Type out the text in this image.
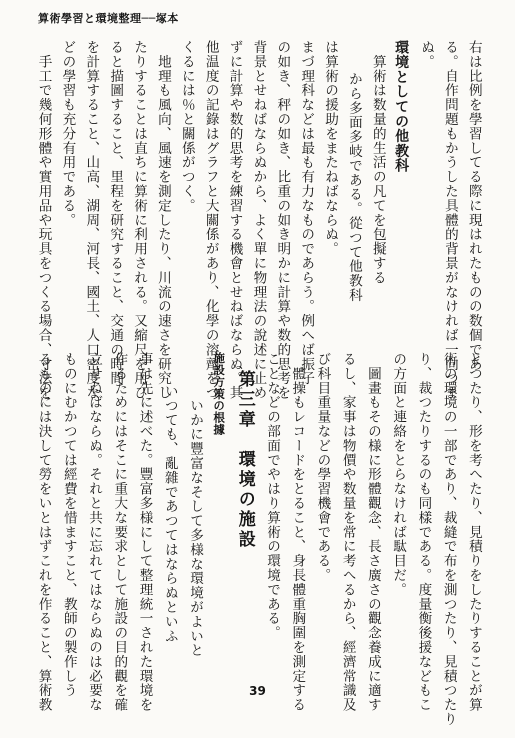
算術學習と環境整理──塚本
右は比例を學習してる際に現はれたものの数個であ
る。自作問題もかうした具體的背景がなければ一向つま
ぬ。
環境としての他教科
　算術は数量的生活の凡てを包擬する
から多面多岐である。從つて他教科
は算術の援助をまたねばならぬ。
まづ理科などは最も有力なものであらう。例へば振子
の如き、秤の如き、比重の如き明かに計算や数的思考を
背景とせねばならぬから、よく單に物理法の說述に止め
ずに計算や数的思考を練習する機會とせねばならぬ。其
他温度の記錄はグラフと大關係があり、化學の溶劑をつ
くるには％と關係がつく。
　地理も風向、風速を測定したり、川流の速さを研究し
たりすることは直ちに算術に利用される。又縮尺を用ひ
ると描圖すること、里程を研究すること、交通の時間
を計算すること、山高、湖周、河長、國土、人口密度な
どの學習も充分有用である。
　手工で幾何形體や實用品や玩具をつくる場合、寸法を
とつたり、形を考へたり、見積りをしたりすることが算
術の環境の一部であり、裁縫で布を測つたり、見積つたり
り、裁つたりするのも同樣である。度量衡後援などもこ
の方面と連絡をとらなければ駄目だ。
　圖畫もその様に形體觀念、長さ廣さの觀念養成に適す
るし、家事は物價や数量を常に考へるから、經濟常識及
び科目重量などの學習機會である。
　體操もレコードをとること、身長體重胸圍を測定する
ことなどの部面でやはり算術の環境である。
第三章　環境の施設
施設方策の根據
　いかに豐富なそして多様な環境がよいと
いつても、亂雜であつてはならぬといふ
事は先に述べた。豐富多様にして整理統一された環境を
作るためにはそこに重大な要求として施設の目的觀を確
立せねばならぬ。それと共に忘れてはならぬのは必要な
ものにむかつては經費を惜ますこと、教師の製作しう
るものには決して勞をいとはずこれを作ること、算術教	39
